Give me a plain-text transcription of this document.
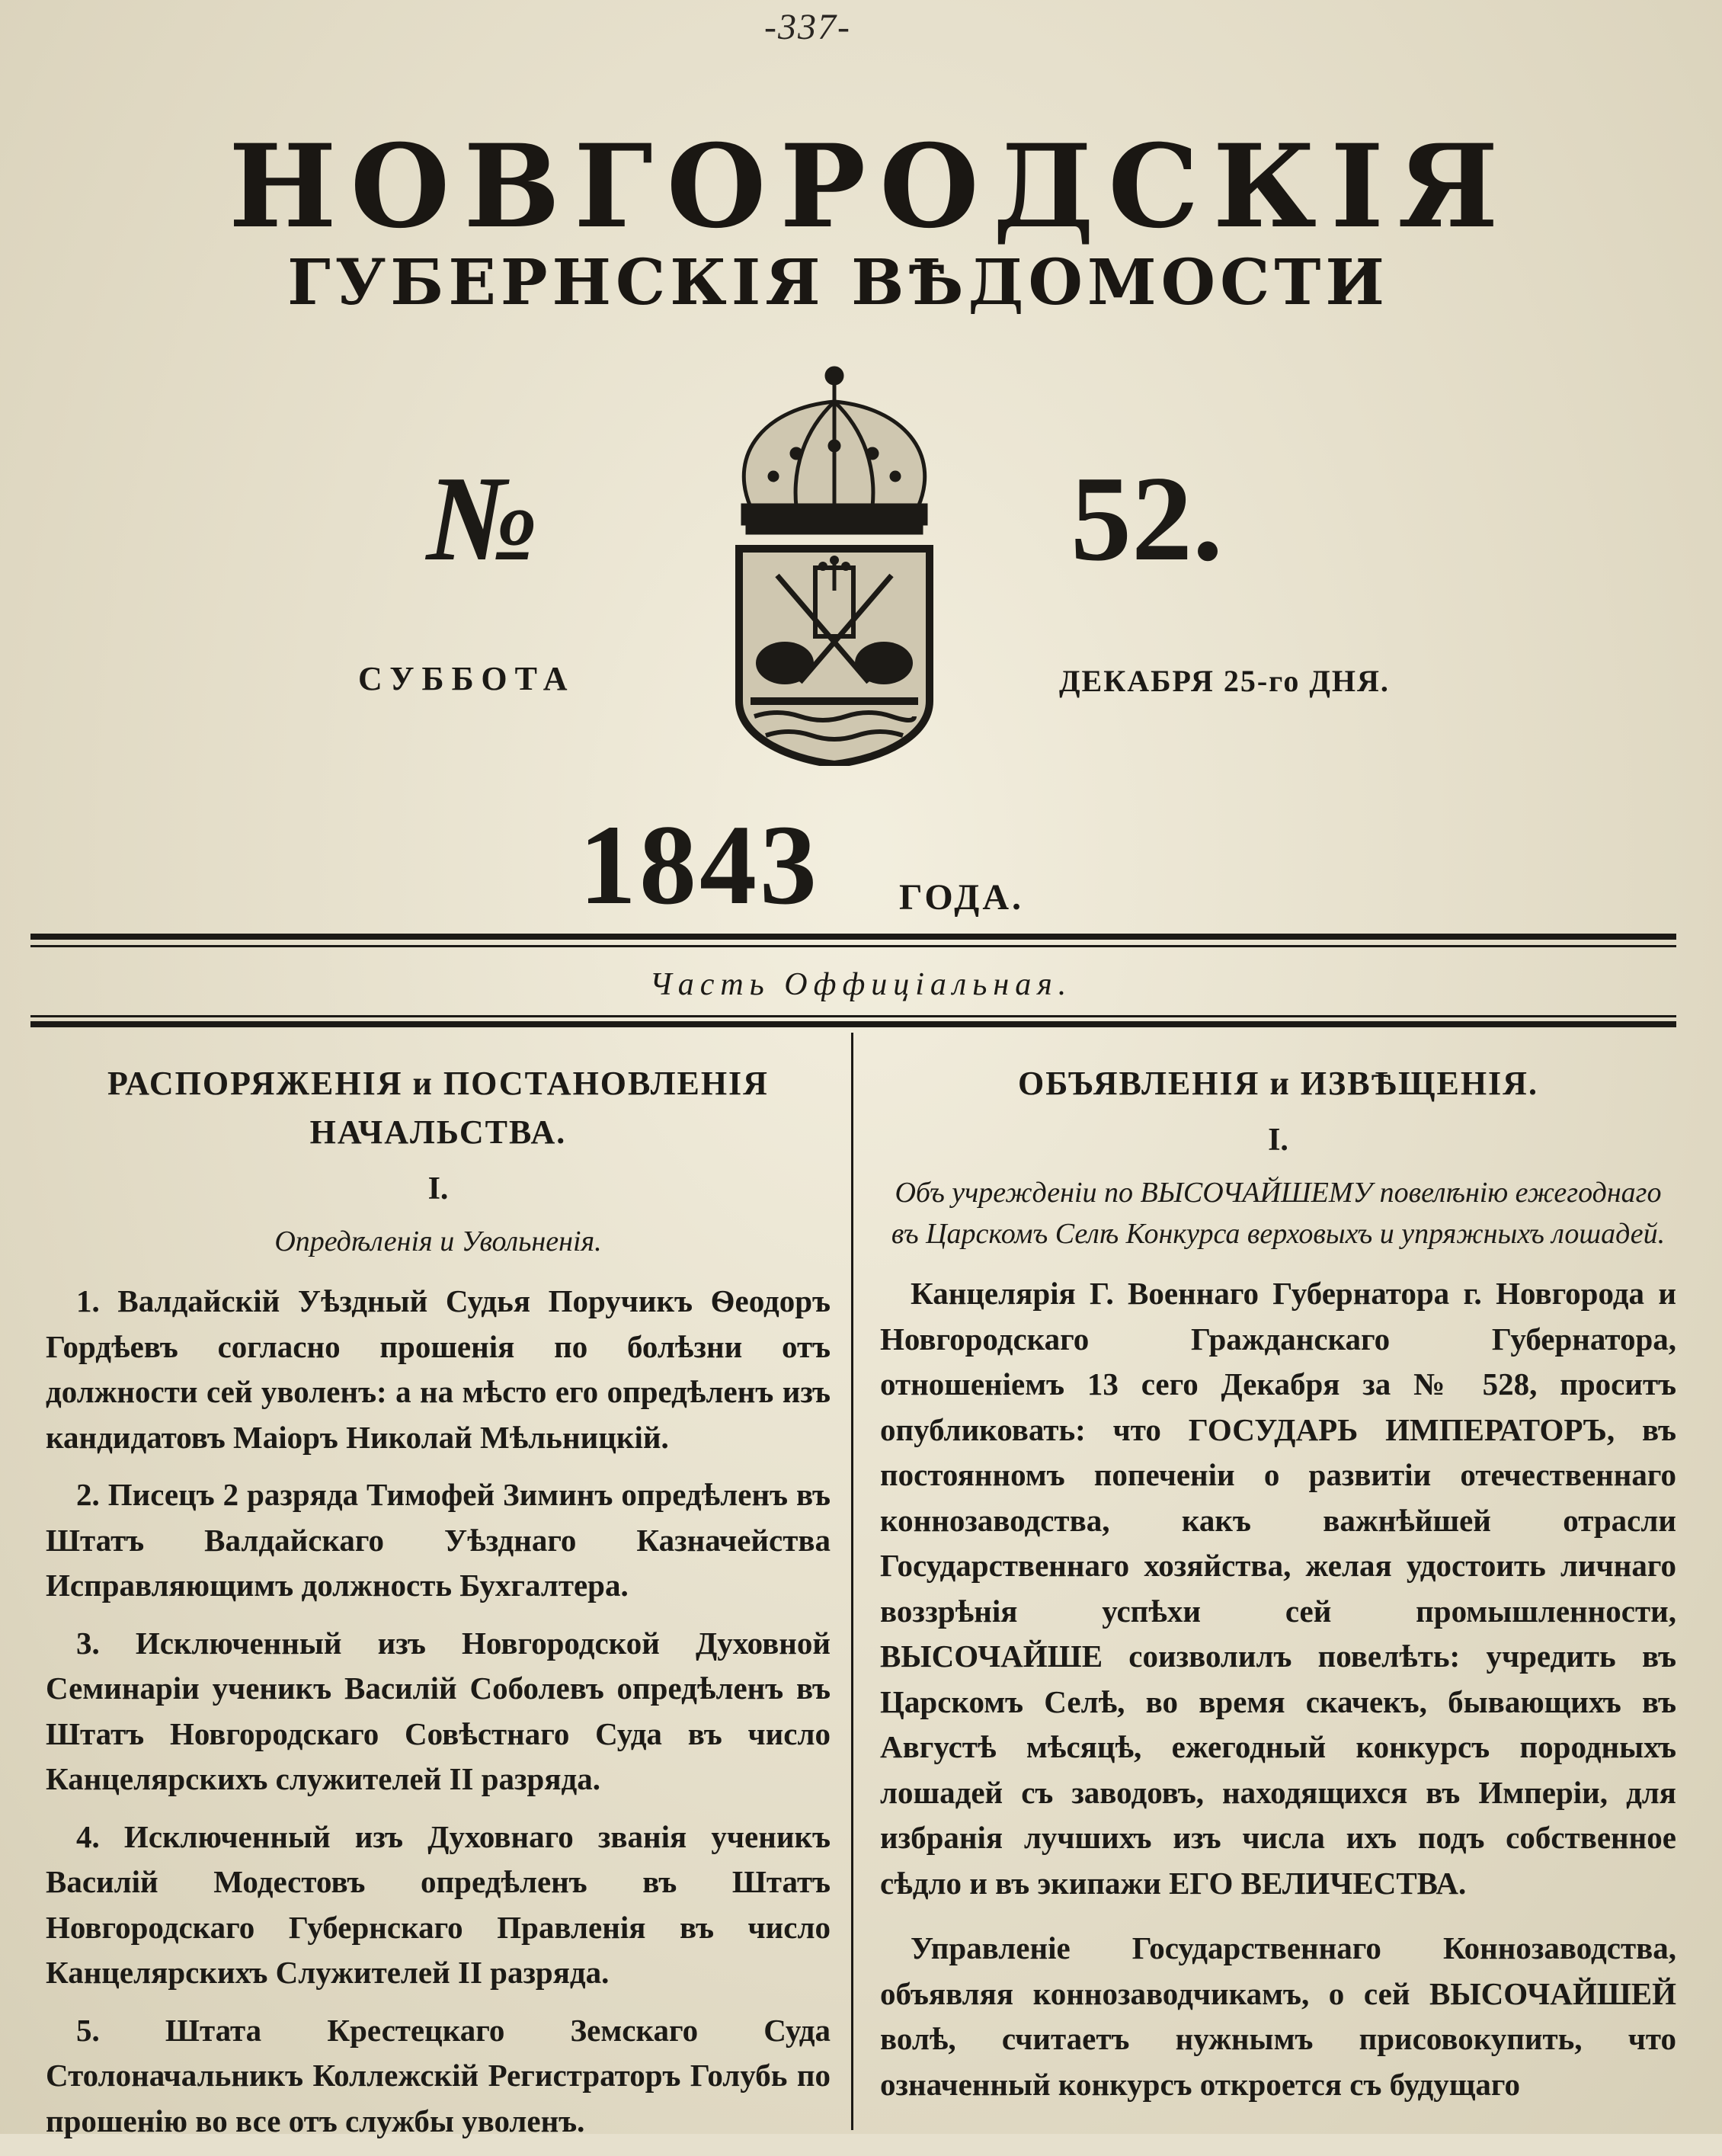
-337-
НОВГОРОДСКІЯ
ГУБЕРНСКІЯ ВѢДОМОСТИ
№	52.
СУББОТА	ДЕКАБРЯ 25-го ДНЯ.
1843 ГОДА.
Часть Оффиціальная.

РАСПОРЯЖЕНІЯ и ПОСТАНОВЛЕНІЯ НАЧАЛЬСТВА.

I.

Опредѣленія и Увольненія.

1. Валдайскій Уѣздный Судья Поручикъ Ѳеодоръ Гордѣевъ согласно прошенія по болѣзни отъ должности сей уволенъ: а на мѣсто его опредѣленъ изъ кандидатовъ Маіоръ Николай Мѣльницкій.

2. Писецъ 2 разряда Тимофей Зиминъ опредѣленъ въ Штатъ Валдайскаго Уѣзднаго Казначейства Исправляющимъ должность Бухгалтера.

3. Исключенный изъ Новгородской Духовной Семинаріи ученикъ Василій Соболевъ опредѣленъ въ Штатъ Новгородскаго Совѣстнаго Суда въ число Канцелярскихъ служителей II разряда.

4. Исключенный изъ Духовнаго званія ученикъ Василій Модестовъ опредѣленъ въ Штатъ Новгородскаго Губернскаго Правленія въ число Канцелярскихъ Служителей II разряда.

5. Штата Крестецкаго Земскаго Суда Столоначальникъ Коллежскій Регистраторъ Голубь по прошенію во все отъ службы уволенъ.

ОБЪЯВЛЕНІЯ и ИЗВѢЩЕНІЯ.

I.

Объ учрежденіи по ВЫСОЧАЙШЕМУ повелѣнію ежегоднаго въ Царскомъ Селѣ Конкурса верховыхъ и упряжныхъ лошадей.

Канцелярія Г. Военнаго Губернатора г. Новгорода и Новгородскаго Гражданскаго Губернатора, отношеніемъ 13 сего Декабря за № 528, проситъ опубликовать: что ГОСУДАРЬ ИМПЕРАТОРЪ, въ постоянномъ попеченіи о развитіи отечественнаго коннозаводства, какъ важнѣйшей отрасли Государственнаго хозяйства, желая удостоить личнаго воззрѣнія успѣхи сей промышленности, ВЫСОЧАЙШЕ соизволилъ повелѣть: учредить въ Царскомъ Селѣ, во время скачекъ, бывающихъ въ Августѣ мѣсяцѣ, ежегодный конкурсъ породныхъ лошадей съ заводовъ, находящихся въ Имперіи, для избранія лучшихъ изъ числа ихъ подъ собственное сѣдло и въ экипажи ЕГО ВЕЛИЧЕСТВА.

Управленіе Государственнаго Коннозаводства, объявляя коннозаводчикамъ, о сей ВЫСОЧАЙШЕЙ волѣ, считаетъ нужнымъ присовокупить, что означенный конкурсъ откроется съ будущаго
